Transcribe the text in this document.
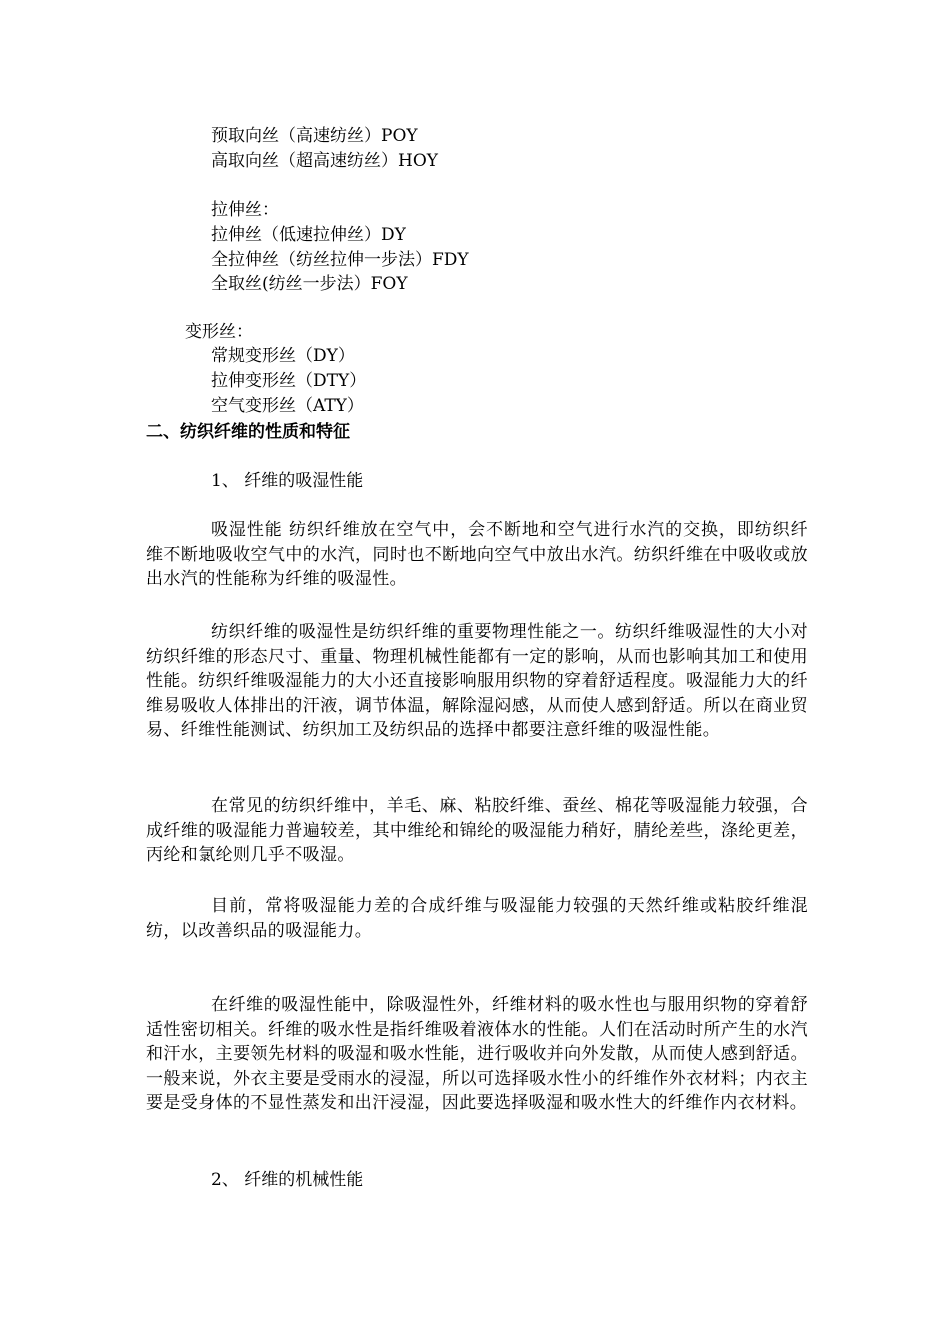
预取向丝（高速纺丝）POY
高取向丝（超高速纺丝）HOY
拉伸丝：
拉伸丝（低速拉伸丝）DY
全拉伸丝（纺丝拉伸一步法）FDY
全取丝(纺丝一步法）FOY
变形丝：
常规变形丝（DY）
拉伸变形丝（DTY）
空气变形丝（ATY）
二、纺织纤维的性质和特征
1、 纤维的吸湿性能

吸湿性能 纺织纤维放在空气中，会不断地和空气进行水汽的交换，即纺织纤维不断地吸收空气中的水汽，同时也不断地向空气中放出水汽。纺织纤维在中吸收或放出水汽的性能称为纤维的吸湿性。

纺织纤维的吸湿性是纺织纤维的重要物理性能之一。纺织纤维吸湿性的大小对纺织纤维的形态尺寸、重量、物理机械性能都有一定的影响，从而也影响其加工和使用性能。纺织纤维吸湿能力的大小还直接影响服用织物的穿着舒适程度。吸湿能力大的纤维易吸收人体排出的汗液，调节体温，解除湿闷感，从而使人感到舒适。所以在商业贸易、纤维性能测试、纺织加工及纺织品的选择中都要注意纤维的吸湿性能。

在常见的纺织纤维中，羊毛、麻、粘胶纤维、蚕丝、棉花等吸湿能力较强，合成纤维的吸湿能力普遍较差，其中维纶和锦纶的吸湿能力稍好，腈纶差些，涤纶更差，丙纶和氯纶则几乎不吸湿。

目前，常将吸湿能力差的合成纤维与吸湿能力较强的天然纤维或粘胶纤维混纺，以改善织品的吸湿能力。

在纤维的吸湿性能中，除吸湿性外，纤维材料的吸水性也与服用织物的穿着舒适性密切相关。纤维的吸水性是指纤维吸着液体水的性能。人们在活动时所产生的水汽和汗水，主要领先材料的吸湿和吸水性能，进行吸收并向外发散，从而使人感到舒适。一般来说，外衣主要是受雨水的浸湿，所以可选择吸水性小的纤维作外衣材料；内衣主要是受身体的不显性蒸发和出汗浸湿，因此要选择吸湿和吸水性大的纤维作内衣材料。

2、 纤维的机械性能
